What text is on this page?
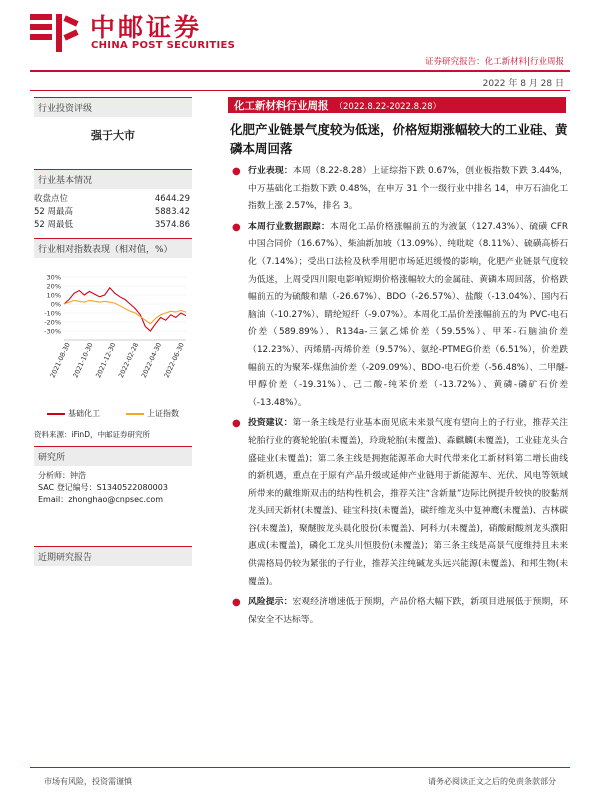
中邮证券
CHINA POST SECURITIES
证券研究报告：化工新材料|行业周报
2022 年 8 月 28 日
行业投资评级
强于大市
行业基本情况
收盘点位	4644.29
52 周最高	5883.42
52 周最低	3574.86
行业相对指数表现（相对值，%）
30%
20%
10%
0%
-10%
-20%
-30%
2021-08-30 2021-10-30 2021-12-30 2022-02-28 2022-04-30 2022-06-30
基础化工	上证指数
资料来源：iFinD，中邮证券研究所
研究所
分析师：钟浩
SAC 登记编号：S1340522080003
Email：zhonghao@cnpsec.com
近期研究报告
化工新材料行业周报 （2022.8.22-2022.8.28）
化肥产业链景气度较为低迷，价格短期涨幅较大的工业硅、黄磷本周回落
● 行业表现：本周（8.22-8.28）上证综指下跌 0.67%，创业板指数下跌 3.44%，中万基础化工指数下跌 0.48%，在申万 31 个一级行业中排名 14，申万石油化工指数上涨 2.57%，排名 3。
● 本周行业数据跟踪：本周化工品价格涨幅前五的为液氯（127.43%）、硫磺 CFR 中国合同价（16.67%）、柴油新加坡（13.09%）、纯吡啶（8.11%）、硫磺高桥石化（7.14%）；受出口法检及秋季用肥市场延迟缓慢的影响，化肥产业链景气度较为低迷，上周受四川限电影响短期价格涨幅较大的金属硅、黄磷本周回落，价格跌幅前五的为硫酸和鼎（-26.67%）、BDO（-26.57%）、盐酸（-13.04%）、国内石脑油（-10.27%）、睛纶短纤（-9.07%）。本周化工品价差涨幅前五的为 PVC-电石价差（589.89%）、R134a-三氯乙烯价差（59.55%）、甲苯-石脑油价差（12.23%）、丙烯腈-丙烯价差（9.57%）、氨纶-PTMEG价差（6.51%），价差跌幅前五的为聚苯-煤焦油价差（-209.09%）、BDO-电石价差（-56.48%）、二甲醚-甲醇价差（-19.31%）、己二酸-纯苯价差（-13.72%）、黄磷-磷矿石价差（-13.48%）。
● 投资建议：第一条主线是行业基本面见底未来景气度有望向上的子行业，推荐关注轮胎行业的赛轮轮胎(未覆盖)，玲珑轮胎(未覆盖)、森麒麟(未覆盖)，工业硅龙头合盛硅业(未覆盖)；第二条主线是拥抱能源革命大时代带来化工新材料第二增长曲线的新机遇，重点在于原有产品升级或延伸产业链用于新能源车、光伏、风电等领域所带来的戴维斯双击的结构性机会，推荐关注“含新量”边际比例提升较快的胶黏剂龙头回天新材(未覆盖)、硅宝科技(未覆盖)，碳纤维龙头中复神鹰(未覆盖)、吉林碳谷(未覆盖)，聚醚胺龙头晨化股份(未覆盖)、阿科力(未覆盖)，硝酸耐酸剂龙头濮阳惠成(未覆盖)，磷化工龙头川恒股份(未覆盖)；第三条主线是高景气度维持且未来供需格局仍较为紧张的子行业，推荐关注纯碱龙头远兴能源(未覆盖)、和邦生物(未覆盖)。
● 风险提示：宏观经济增速低于预期，产品价格大幅下跌，新项目进展低于预期，环保安全不达标等。
市场有风险，投资需谨慎	请务必阅读正文之后的免责条款部分
